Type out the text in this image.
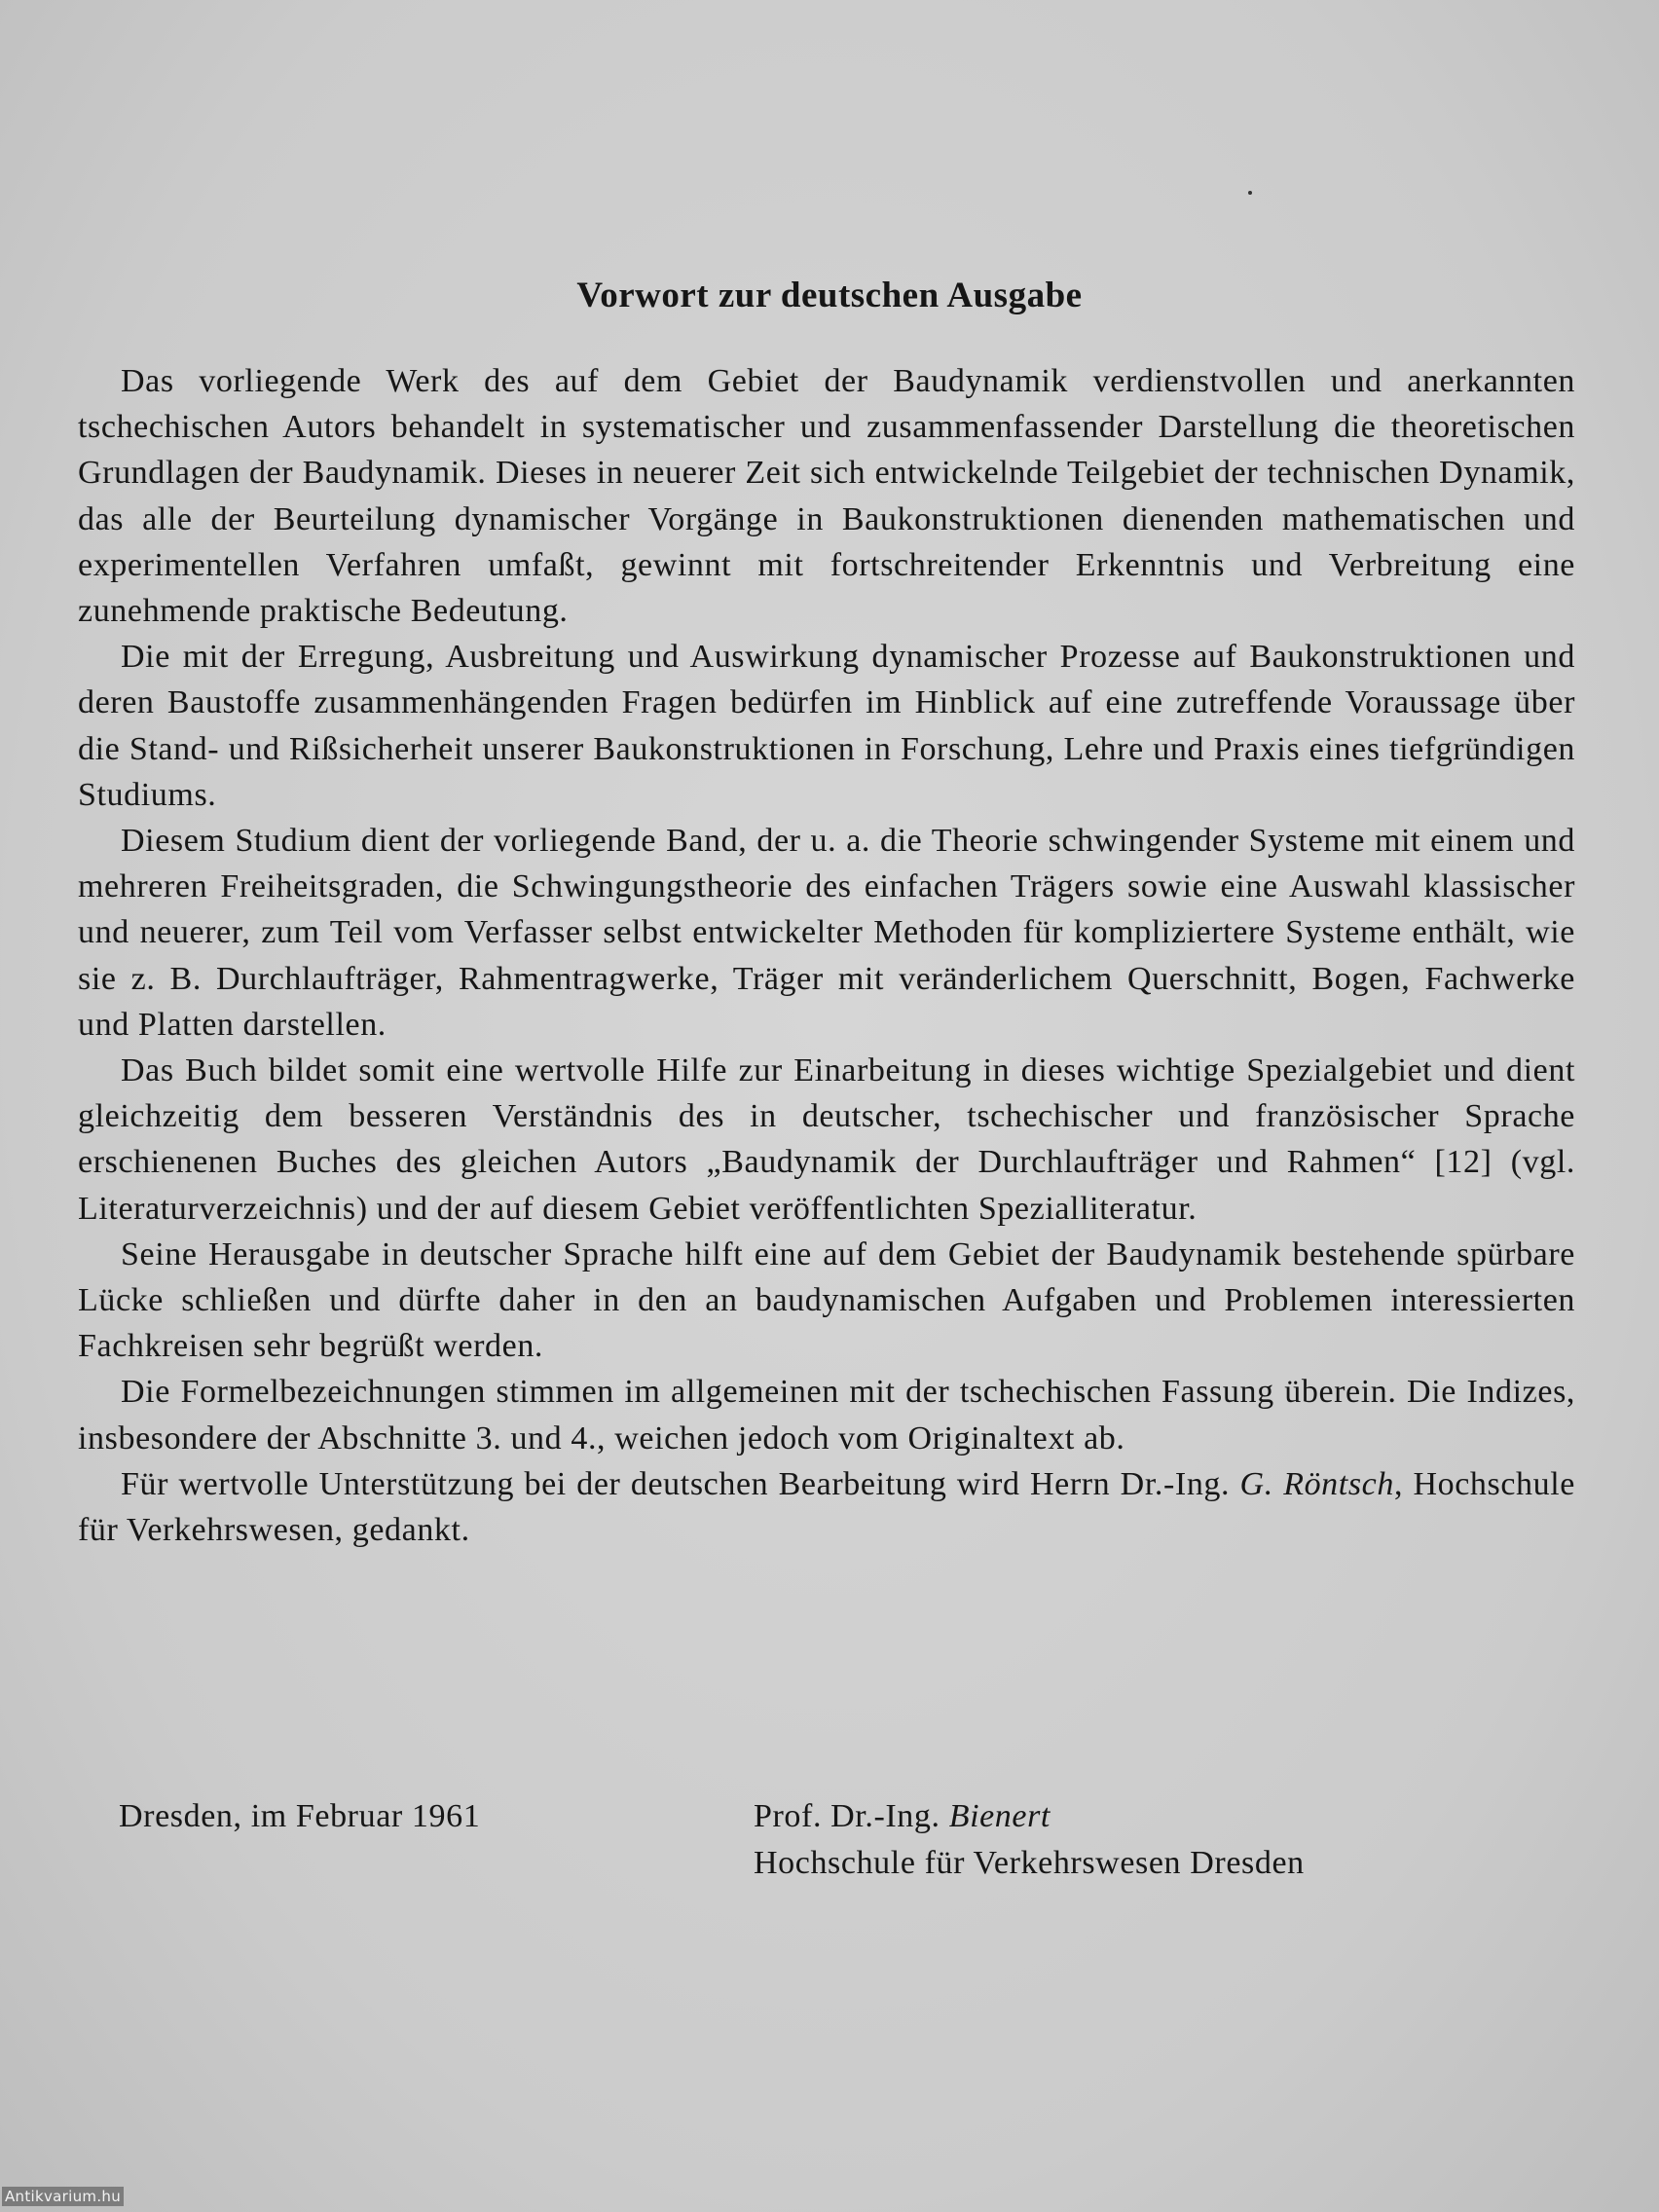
Vorwort zur deutschen Ausgabe

Das vorliegende Werk des auf dem Gebiet der Baudynamik verdienstvollen und anerkannten tschechischen Autors behandelt in systematischer und zusammenfassender Darstellung die theoretischen Grundlagen der Baudynamik. Dieses in neuerer Zeit sich entwickelnde Teilgebiet der technischen Dynamik, das alle der Beurteilung dynamischer Vorgänge in Baukonstruktionen dienenden mathematischen und experimentellen Verfahren umfaßt, gewinnt mit fortschreitender Erkenntnis und Verbreitung eine zunehmende praktische Bedeutung.

Die mit der Erregung, Ausbreitung und Auswirkung dynamischer Prozesse auf Baukonstruktionen und deren Baustoffe zusammenhängenden Fragen bedürfen im Hinblick auf eine zutreffende Voraussage über die Stand- und Rißsicherheit unserer Baukonstruktionen in Forschung, Lehre und Praxis eines tiefgründigen Studiums.

Diesem Studium dient der vorliegende Band, der u. a. die Theorie schwingender Systeme mit einem und mehreren Freiheitsgraden, die Schwingungstheorie des einfachen Trägers sowie eine Auswahl klassischer und neuerer, zum Teil vom Verfasser selbst entwickelter Methoden für kompliziertere Systeme enthält, wie sie z. B. Durchlaufträger, Rahmentragwerke, Träger mit veränderlichem Querschnitt, Bogen, Fachwerke und Platten darstellen.

Das Buch bildet somit eine wertvolle Hilfe zur Einarbeitung in dieses wichtige Spezialgebiet und dient gleichzeitig dem besseren Verständnis des in deutscher, tschechischer und französischer Sprache erschienenen Buches des gleichen Autors „Baudynamik der Durchlaufträger und Rahmen“ [12] (vgl. Literaturverzeichnis) und der auf diesem Gebiet veröffentlichten Spezialliteratur.

Seine Herausgabe in deutscher Sprache hilft eine auf dem Gebiet der Baudynamik bestehende spürbare Lücke schließen und dürfte daher in den an baudynamischen Aufgaben und Problemen interessierten Fachkreisen sehr begrüßt werden.

Die Formelbezeichnungen stimmen im allgemeinen mit der tschechischen Fassung überein. Die Indizes, insbesondere der Abschnitte 3. und 4., weichen jedoch vom Originaltext ab.

Für wertvolle Unterstützung bei der deutschen Bearbeitung wird Herrn Dr.-Ing. G. Röntsch, Hochschule für Verkehrswesen, gedankt.

Dresden, im Februar 1961	Prof. Dr.-Ing. Bienert
Hochschule für Verkehrswesen Dresden
Antikvarium.hu
